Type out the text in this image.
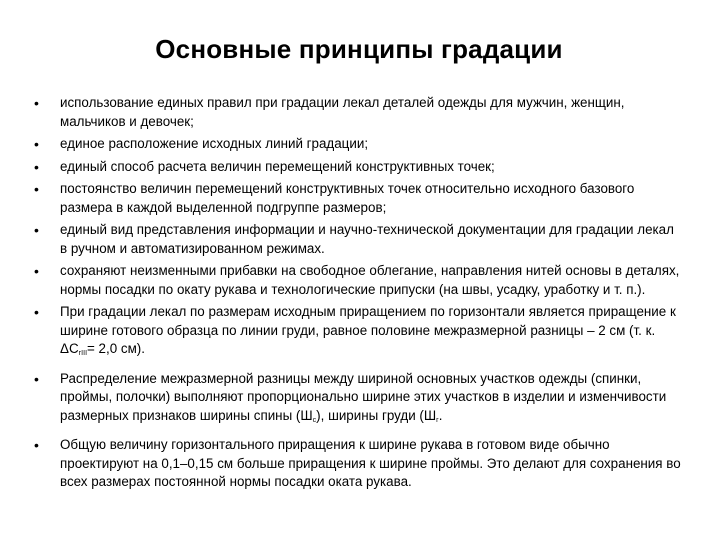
Основные принципы градации
• использование единых правил при градации лекал деталей одежды для мужчин, женщин, мальчиков и девочек;
• единое расположение исходных линий градации;
• единый способ расчета величин перемещений конструктивных точек;
• постоянство величин перемещений конструктивных точек относительно исходного базового размера в каждой выделенной подгруппе размеров;
• единый вид представления информации и научно-технической документации для градации лекал в ручном и автоматизированном режимах.
• сохраняют неизменными прибавки на свободное облегание, направления нитей основы в деталях, нормы посадки по окату рукава и технологические припуски (на швы, усадку, уработку и т. п.).
• При градации лекал по размерам исходным приращением по горизонтали является приращение к ширине готового образца по линии груди, равное половине межразмерной разницы – 2 см (т. к. $\Delta С_{гIII}= 2,0$ см).
• Распределение межразмерной разницы между шириной основных участков одежды (спинки, проймы, полочки) выполняют пропорционально ширине этих участков в изделии и изменчивости размерных признаков ширины спины $(Ш_с)$, ширины груди ($Ш_г$.
• Общую величину горизонтального приращения к ширине рукава в готовом виде обычно проектируют на 0,1–0,15 см больше приращения к ширине проймы. Это делают для сохранения во всех размерах постоянной нормы посадки оката рукава.
